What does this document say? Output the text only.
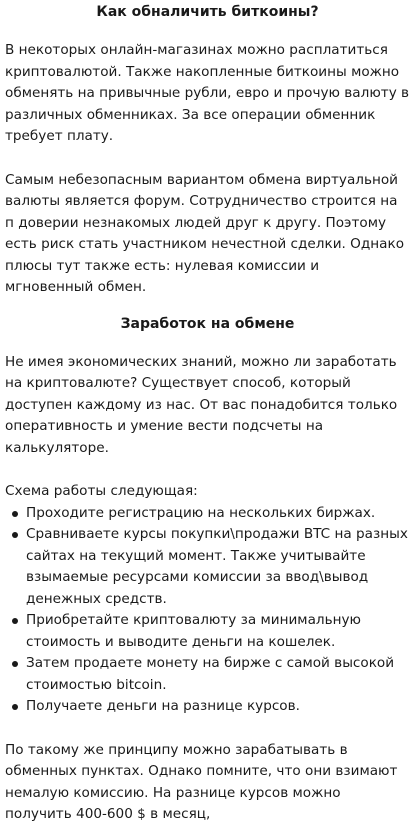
Как обналичить биткоины?

В некоторых онлайн-магазинах можно расплатиться криптовалютой. Также накопленные биткоины можно обменять на привычные рубли, евро и прочую валюту в различных обменниках. За все операции обменник требует плату.

Самым небезопасным вариантом обмена виртуальной валюты является форум. Сотрудничество строится на п доверии незнакомых людей друг к другу. Поэтому есть риск стать участником нечестной сделки. Однако плюсы тут также есть: нулевая комиссии и мгновенный обмен.

Заработок на обмене

Не имея экономических знаний, можно ли заработать на криптовалюте? Существует способ, который доступен каждому из нас. От вас понадобится только оперативность и умение вести подсчеты на калькуляторе.

Схема работы следующая:

Проходите регистрацию на нескольких биржах.
Сравниваете курсы покупки\продажи BTC на разных сайтах на текущий момент. Также учитывайте взымаемые ресурсами комиссии за ввод\вывод денежных средств.
Приобретайте криптовалюту за минимальную стоимость и выводите деньги на кошелек.
Затем продаете монету на бирже с самой высокой стоимостью bitcoin.
Получаете деньги на разнице курсов.

По такому же принципу можно зарабатывать в обменных пунктах. Однако помните, что они взимают немалую комиссию. На разнице курсов можно получить 400-600 $ в месяц,
